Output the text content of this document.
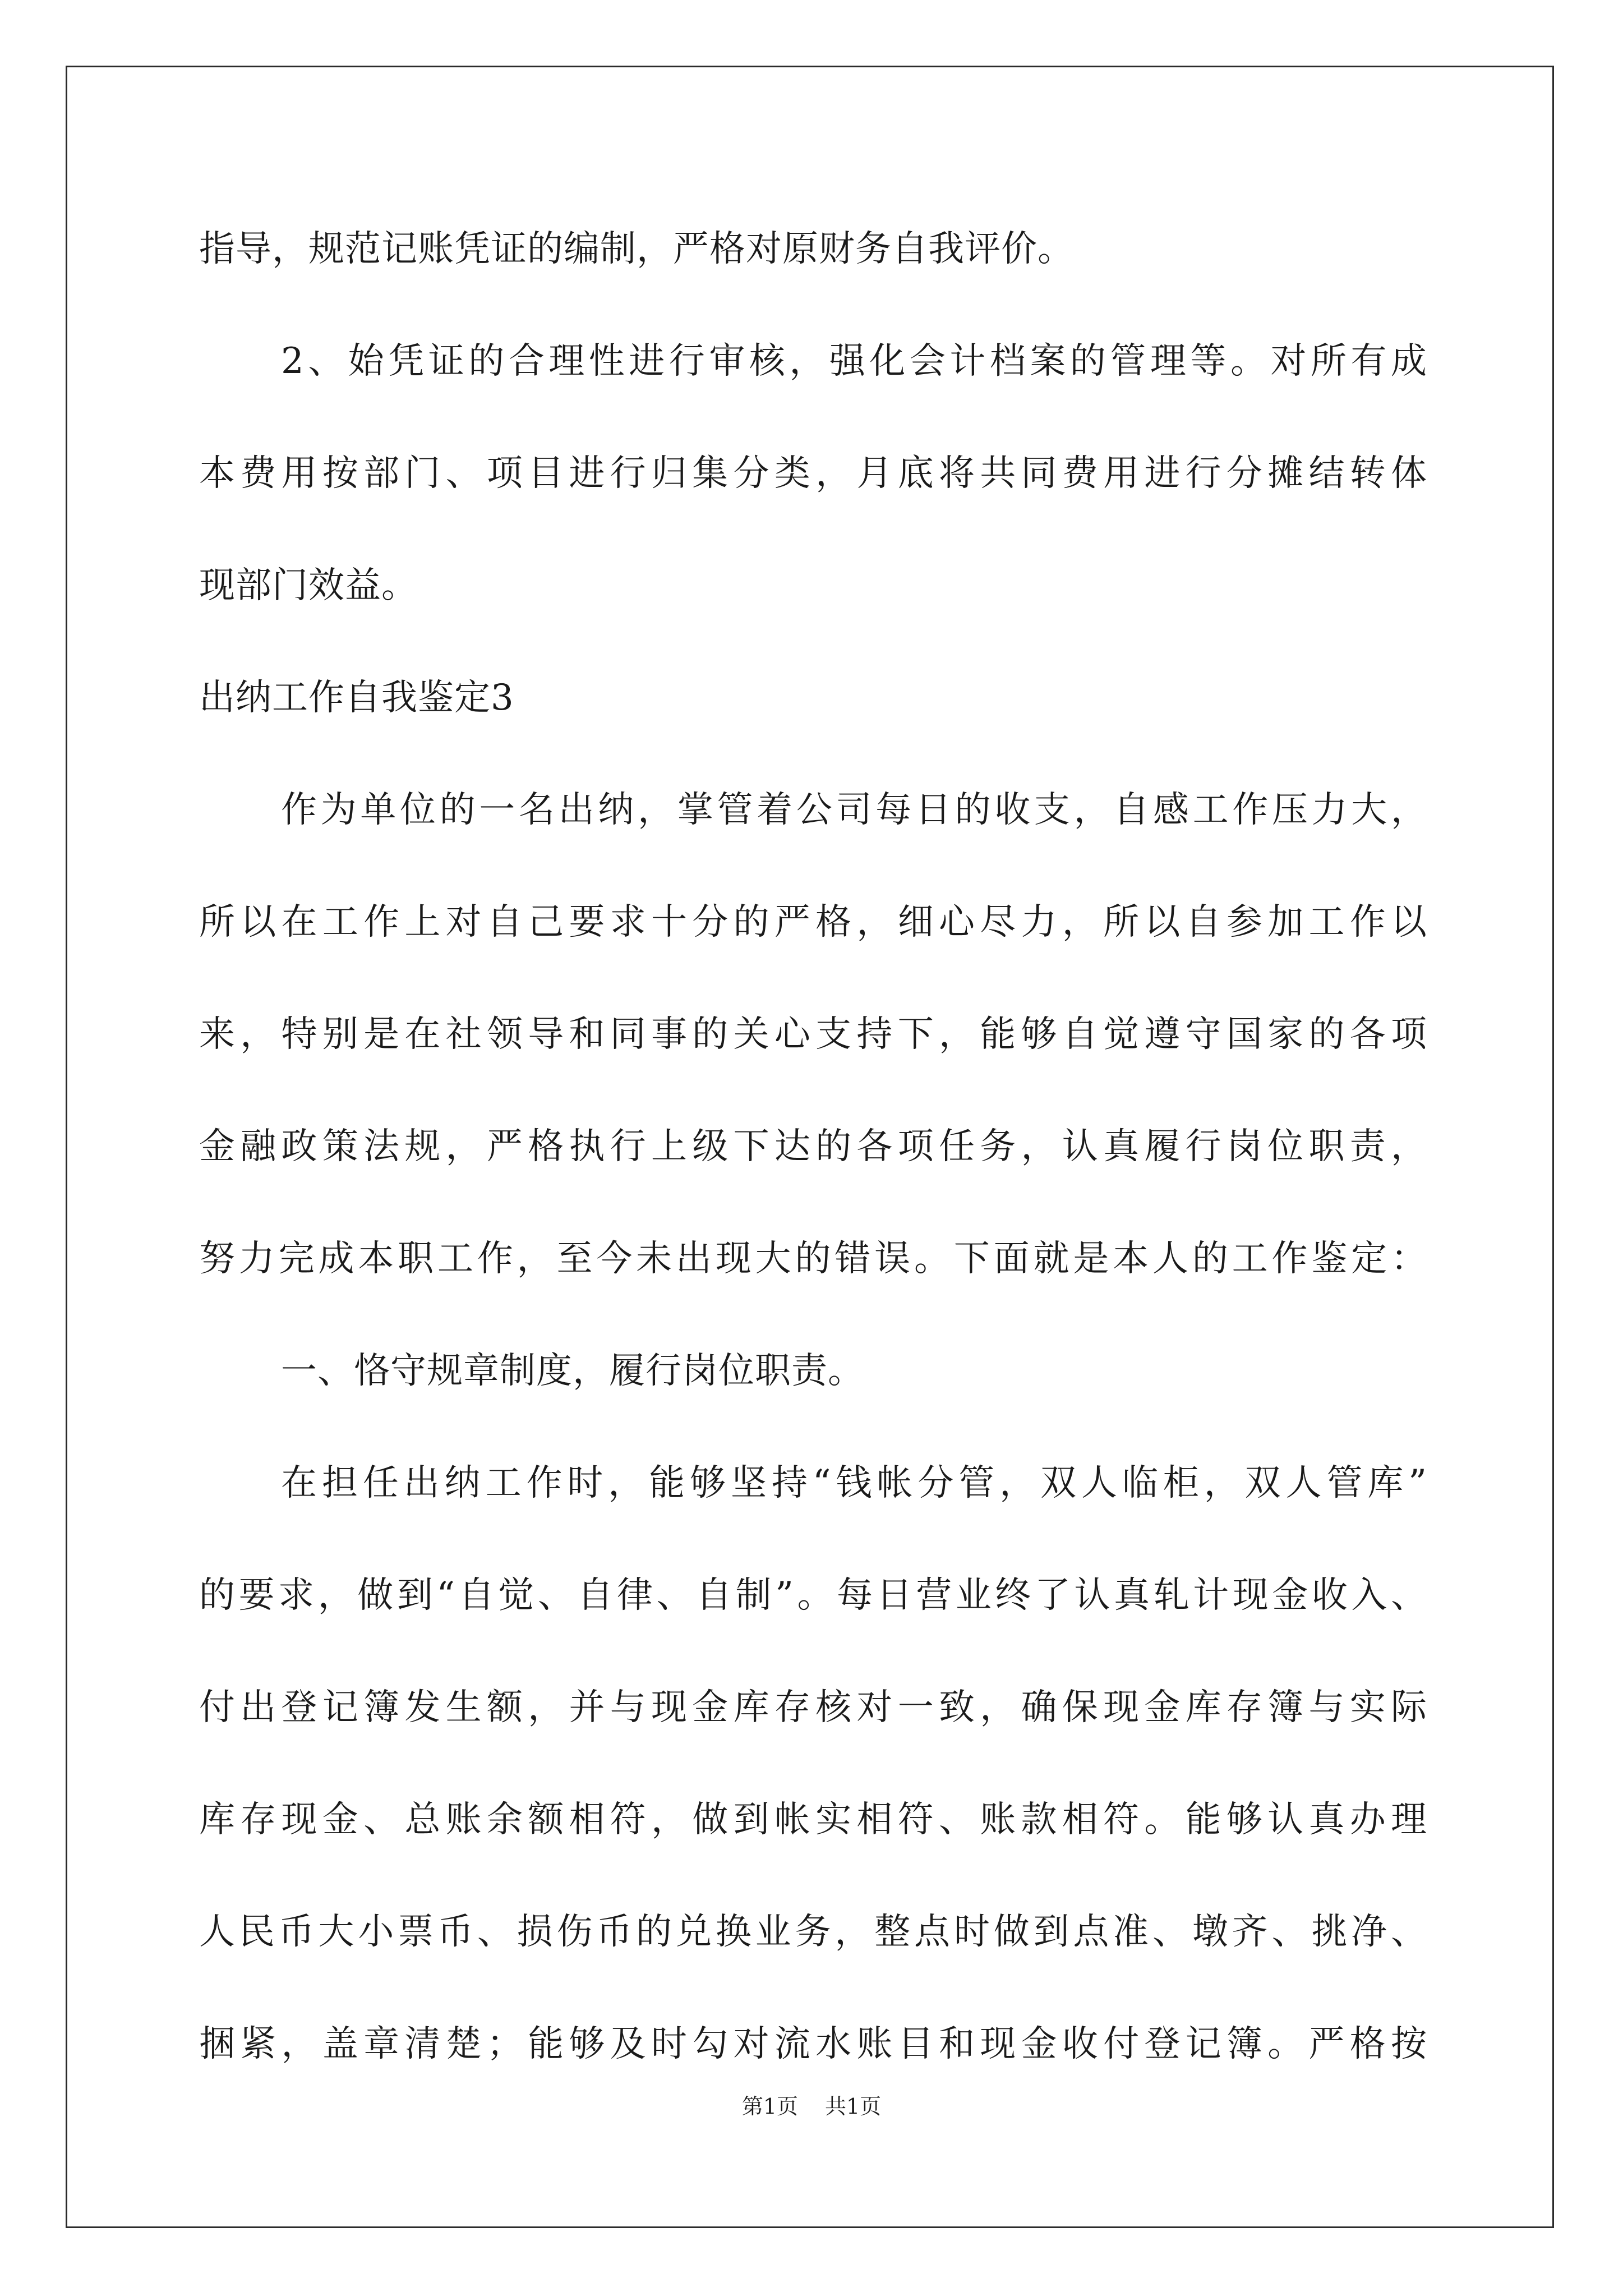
指导，规范记账凭证的编制，严格对原财务自我评价。
2、始凭证的合理性进行审核，强化会计档案的管理等。对所有成
本费用按部门、项目进行归集分类，月底将共同费用进行分摊结转体
现部门效益。
出纳工作自我鉴定3
作为单位的一名出纳，掌管着公司每日的收支，自感工作压力大，
所以在工作上对自己要求十分的严格，细心尽力，所以自参加工作以
来，特别是在社领导和同事的关心支持下，能够自觉遵守国家的各项
金融政策法规，严格执行上级下达的各项任务，认真履行岗位职责，
努力完成本职工作，至今未出现大的错误。下面就是本人的工作鉴定：
一、恪守规章制度，履行岗位职责。
在担任出纳工作时，能够坚持“钱帐分管，双人临柜，双人管库”
的要求，做到“自觉、自律、自制”。每日营业终了认真轧计现金收入、
付出登记簿发生额，并与现金库存核对一致，确保现金库存簿与实际
库存现金、总账余额相符，做到帐实相符、账款相符。能够认真办理
人民币大小票币、损伤币的兑换业务，整点时做到点准、墩齐、挑净、
捆紧，盖章清楚；能够及时勾对流水账目和现金收付登记簿。严格按
第1页 共1页
